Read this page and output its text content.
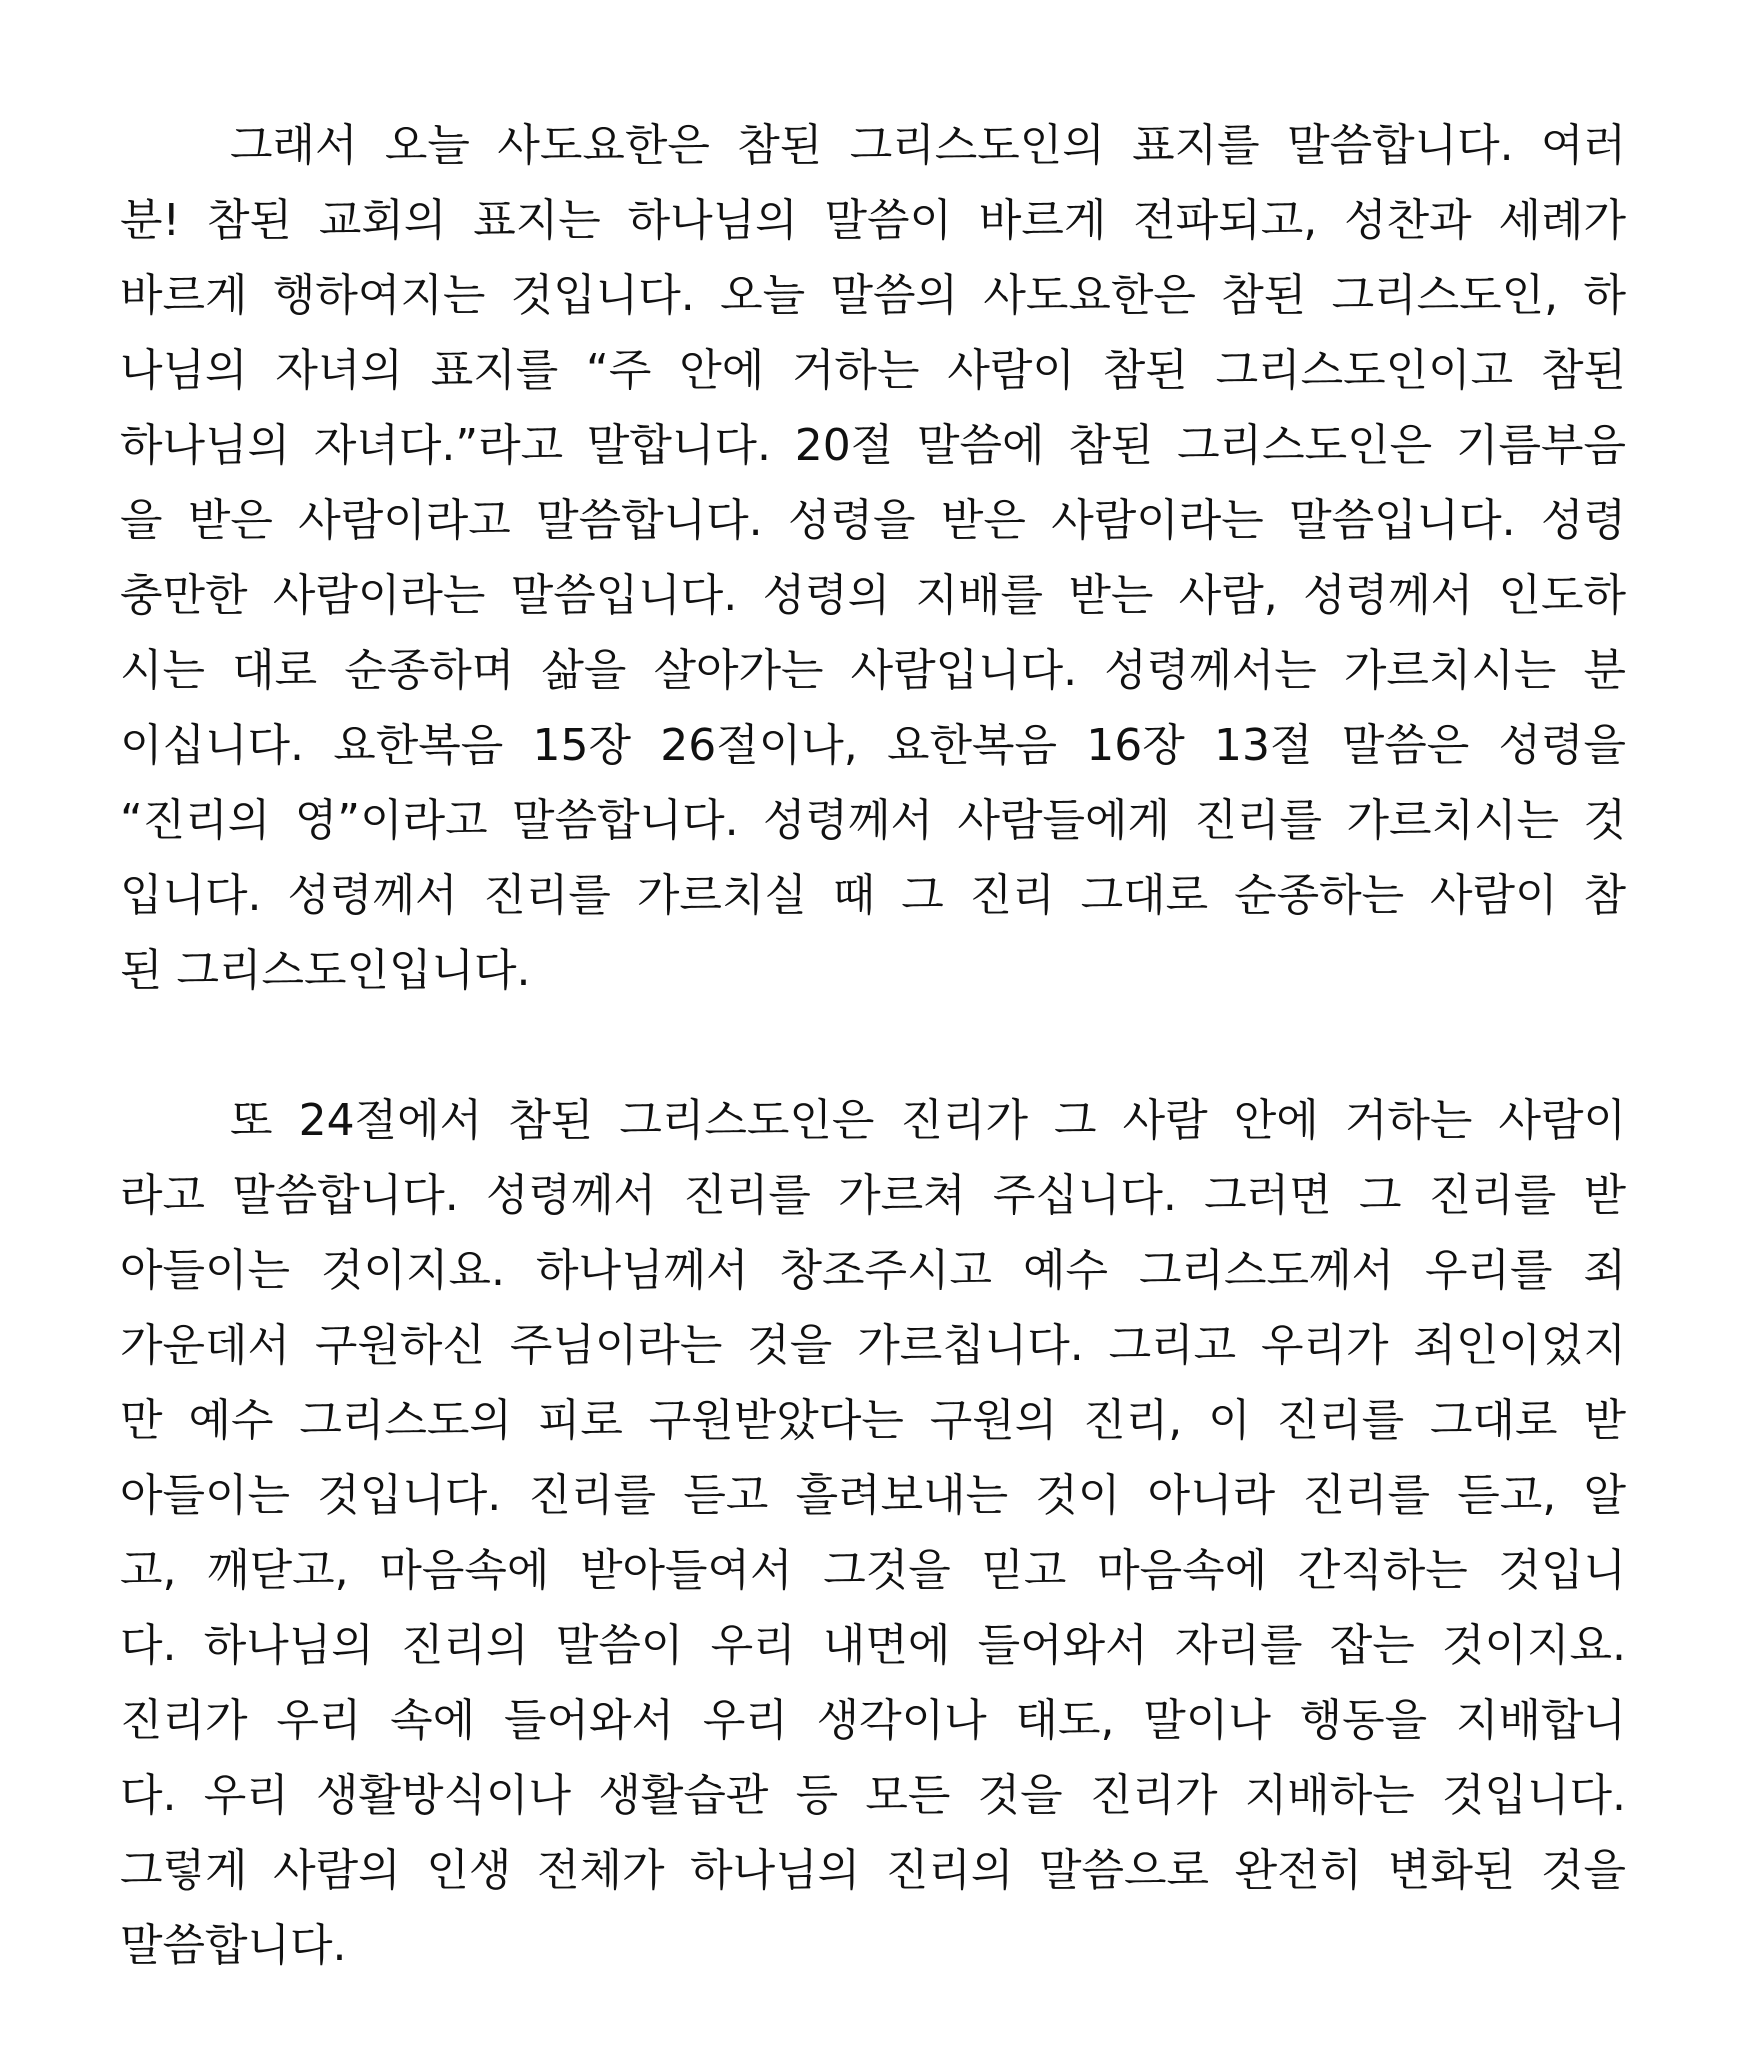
그래서 오늘 사도요한은 참된 그리스도인의 표지를 말씀합니다. 여러
분! 참된 교회의 표지는 하나님의 말씀이 바르게 전파되고, 성찬과 세례가
바르게 행하여지는 것입니다. 오늘 말씀의 사도요한은 참된 그리스도인, 하
나님의 자녀의 표지를 “주 안에 거하는 사람이 참된 그리스도인이고 참된
하나님의 자녀다.”라고 말합니다. 20절 말씀에 참된 그리스도인은 기름부음
을 받은 사람이라고 말씀합니다. 성령을 받은 사람이라는 말씀입니다. 성령
충만한 사람이라는 말씀입니다. 성령의 지배를 받는 사람, 성령께서 인도하
시는 대로 순종하며 삶을 살아가는 사람입니다. 성령께서는 가르치시는 분
이십니다. 요한복음 15장 26절이나, 요한복음 16장 13절 말씀은 성령을
“진리의 영”이라고 말씀합니다. 성령께서 사람들에게 진리를 가르치시는 것
입니다. 성령께서 진리를 가르치실 때 그 진리 그대로 순종하는 사람이 참
된 그리스도인입니다.
또 24절에서 참된 그리스도인은 진리가 그 사람 안에 거하는 사람이
라고 말씀합니다. 성령께서 진리를 가르쳐 주십니다. 그러면 그 진리를 받
아들이는 것이지요. 하나님께서 창조주시고 예수 그리스도께서 우리를 죄
가운데서 구원하신 주님이라는 것을 가르칩니다. 그리고 우리가 죄인이었지
만 예수 그리스도의 피로 구원받았다는 구원의 진리, 이 진리를 그대로 받
아들이는 것입니다. 진리를 듣고 흘려보내는 것이 아니라 진리를 듣고, 알
고, 깨닫고, 마음속에 받아들여서 그것을 믿고 마음속에 간직하는 것입니
다. 하나님의 진리의 말씀이 우리 내면에 들어와서 자리를 잡는 것이지요.
진리가 우리 속에 들어와서 우리 생각이나 태도, 말이나 행동을 지배합니
다. 우리 생활방식이나 생활습관 등 모든 것을 진리가 지배하는 것입니다.
그렇게 사람의 인생 전체가 하나님의 진리의 말씀으로 완전히 변화된 것을
말씀합니다.
